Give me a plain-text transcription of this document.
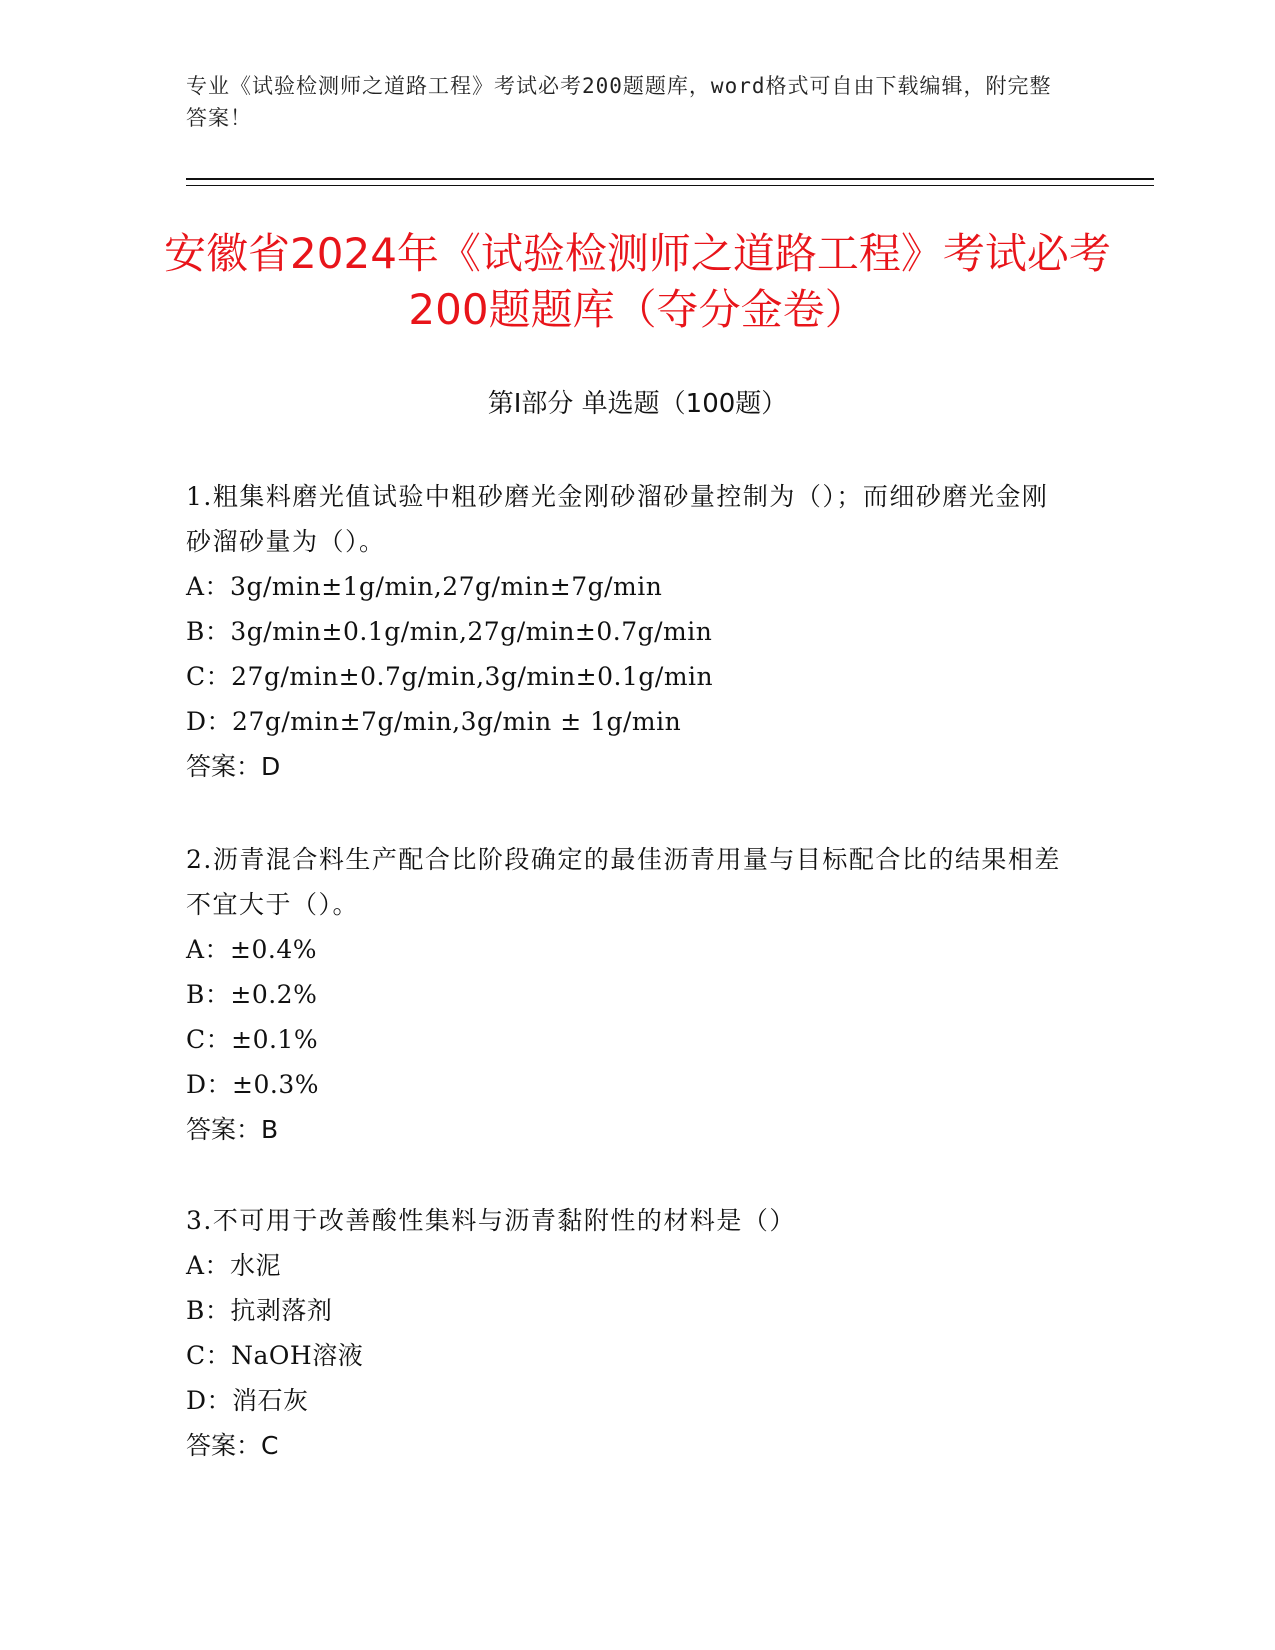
专业《试验检测师之道路工程》考试必考200题题库，word格式可自由下载编辑，附完整答案！
安徽省2024年《试验检测师之道路工程》考试必考200题题库（夺分金卷）
第I部分 单选题（100题）
1.粗集料磨光值试验中粗砂磨光金刚砂溜砂量控制为（）；而细砂磨光金刚砂溜砂量为（）。
A：3g/min±1g/min,27g/min±7g/min
B：3g/min±0.1g/min,27g/min±0.7g/min
C：27g/min±0.7g/min,3g/min±0.1g/min
D：27g/min±7g/min,3g/min ± 1g/min
答案：D
2.沥青混合料生产配合比阶段确定的最佳沥青用量与目标配合比的结果相差不宜大于（）。
A：±0.4%
B：±0.2%
C：±0.1%
D：±0.3%
答案：B
3.不可用于改善酸性集料与沥青黏附性的材料是（）
A：水泥
B：抗剥落剂
C：NaOH溶液
D：消石灰
答案：C
